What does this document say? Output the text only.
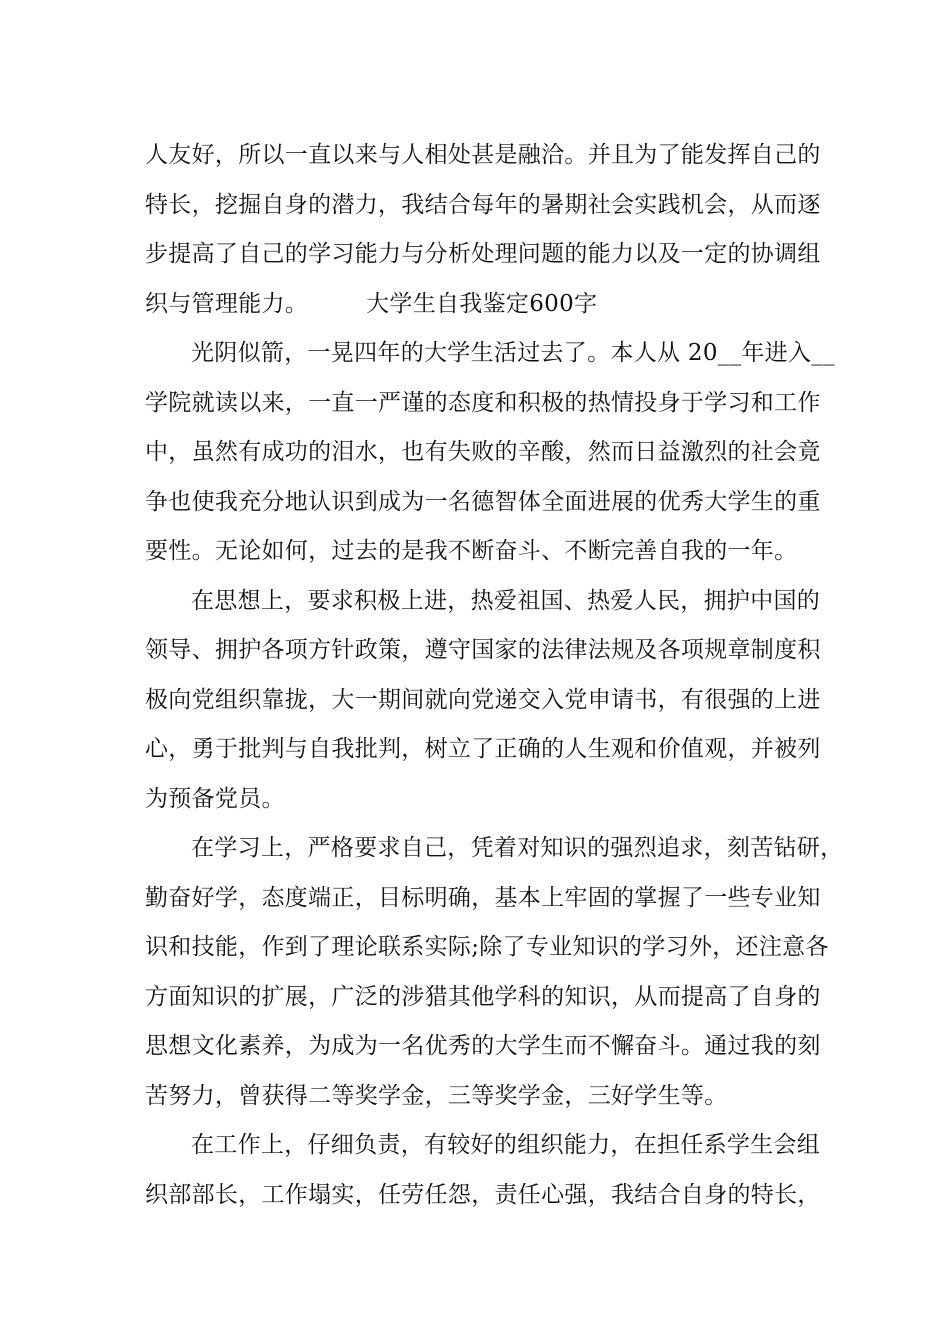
人友好，所以一直以来与人相处甚是融洽。并且为了能发挥自己的
特长，挖掘自身的潜力，我结合每年的暑期社会实践机会，从而逐
步提高了自己的学习能力与分析处理问题的能力以及一定的协调组
织与管理能力。	大学生自我鉴定600字
光阴似箭，一晃四年的大学生活过去了。本人从 20__年进入__
学院就读以来，一直一严谨的态度和积极的热情投身于学习和工作
中，虽然有成功的泪水，也有失败的辛酸，然而日益激烈的社会竟
争也使我充分地认识到成为一名德智体全面进展的优秀大学生的重
要性。无论如何，过去的是我不断奋斗、不断完善自我的一年。
在思想上，要求积极上进，热爱祖国、热爱人民，拥护中国的
领导、拥护各项方针政策，遵守国家的法律法规及各项规章制度积
极向党组织靠拢，大一期间就向党递交入党申请书，有很强的上进
心，勇于批判与自我批判，树立了正确的人生观和价值观，并被列
为预备党员。
在学习上，严格要求自己，凭着对知识的强烈追求，刻苦钻研，
勤奋好学，态度端正，目标明确，基本上牢固的掌握了一些专业知
识和技能，作到了理论联系实际;除了专业知识的学习外，还注意各
方面知识的扩展，广泛的涉猎其他学科的知识，从而提高了自身的
思想文化素养，为成为一名优秀的大学生而不懈奋斗。通过我的刻
苦努力，曾获得二等奖学金，三等奖学金，三好学生等。
在工作上，仔细负责，有较好的组织能力，在担任系学生会组
织部部长，工作塌实，任劳任怨，责任心强，我结合自身的特长，
